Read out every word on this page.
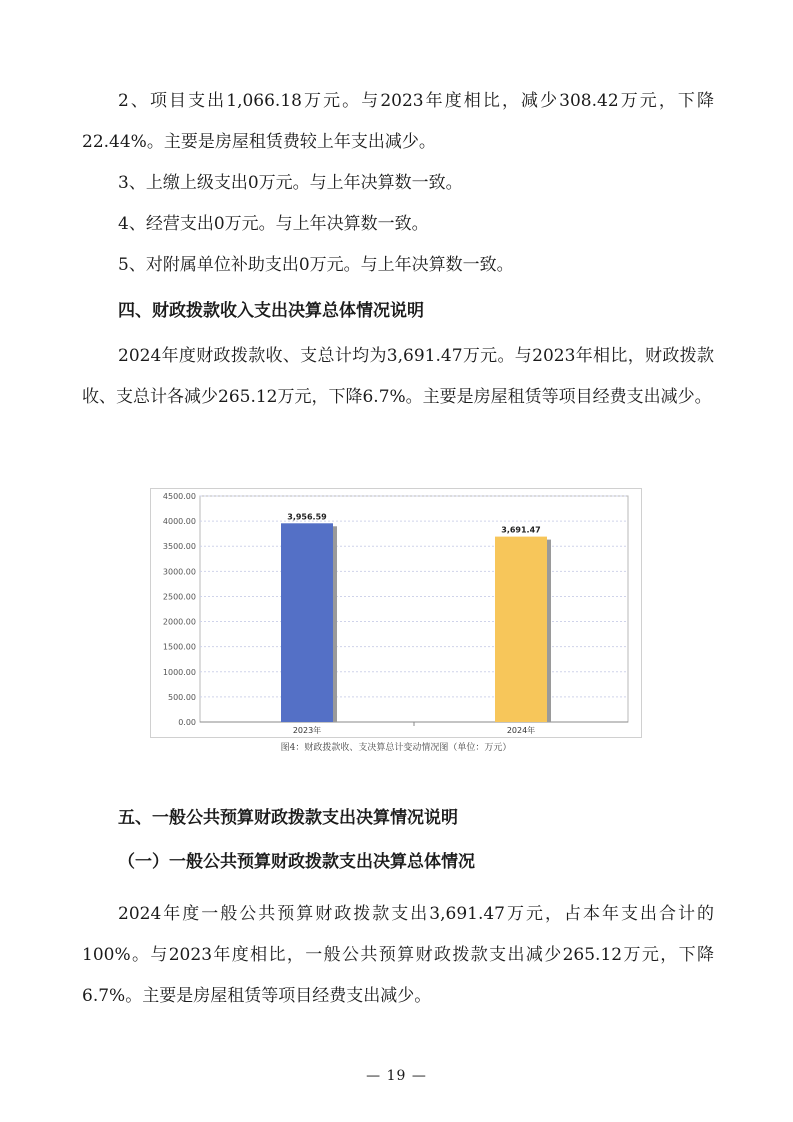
2、项目支出1,066.18万元。与2023年度相比，减少308.42万元，下降22.44%。主要是房屋租赁费较上年支出减少。

3、上缴上级支出0万元。与上年决算数一致。

4、经营支出0万元。与上年决算数一致。

5、对附属单位补助支出0万元。与上年决算数一致。

四、财政拨款收入支出决算总体情况说明

2024年度财政拨款收、支总计均为3,691.47万元。与2023年相比，财政拨款收、支总计各减少265.12万元，下降6.7%。主要是房屋租赁等项目经费支出减少。

0.00
500.00
1000.00
1500.00
2000.00
2500.00
3000.00
3500.00
4000.00
4500.00
3,956.59
2023年
3,691.47
2024年
图4：财政拨款收、支决算总计变动情况图（单位：万元）
五、一般公共预算财政拨款支出决算情况说明
（一）一般公共预算财政拨款支出决算总体情况

2024年度一般公共预算财政拨款支出3,691.47万元，占本年支出合计的100%。与2023年度相比，一般公共预算财政拨款支出减少265.12万元，下降6.7%。主要是房屋租赁等项目经费支出减少。

— 19 —
